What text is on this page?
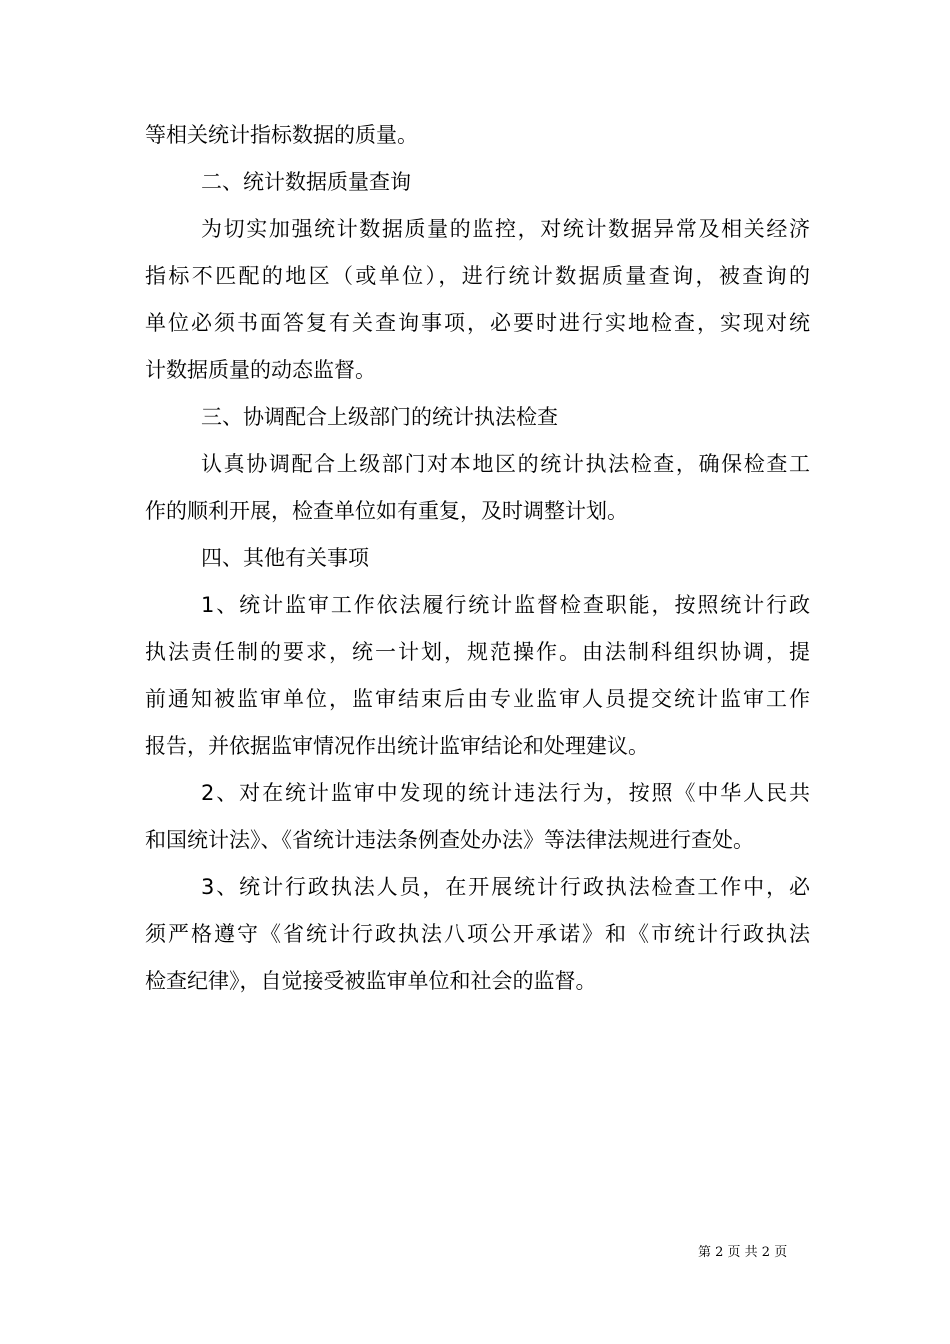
等相关统计指标数据的质量。
二、统计数据质量查询
为切实加强统计数据质量的监控，对统计数据异常及相关经济
指标不匹配的地区（或单位），进行统计数据质量查询，被查询的
单位必须书面答复有关查询事项，必要时进行实地检查，实现对统
计数据质量的动态监督。
三、协调配合上级部门的统计执法检查
认真协调配合上级部门对本地区的统计执法检查，确保检查工
作的顺利开展，检查单位如有重复，及时调整计划。
四、其他有关事项
1、统计监审工作依法履行统计监督检查职能，按照统计行政
执法责任制的要求，统一计划，规范操作。由法制科组织协调，提
前通知被监审单位，监审结束后由专业监审人员提交统计监审工作
报告，并依据监审情况作出统计监审结论和处理建议。
2、对在统计监审中发现的统计违法行为，按照《中华人民共
和国统计法》、《省统计违法条例查处办法》等法律法规进行查处。
3、统计行政执法人员，在开展统计行政执法检查工作中，必
须严格遵守《省统计行政执法八项公开承诺》和《市统计行政执法
检查纪律》，自觉接受被监审单位和社会的监督。
第 2 页 共 2 页
